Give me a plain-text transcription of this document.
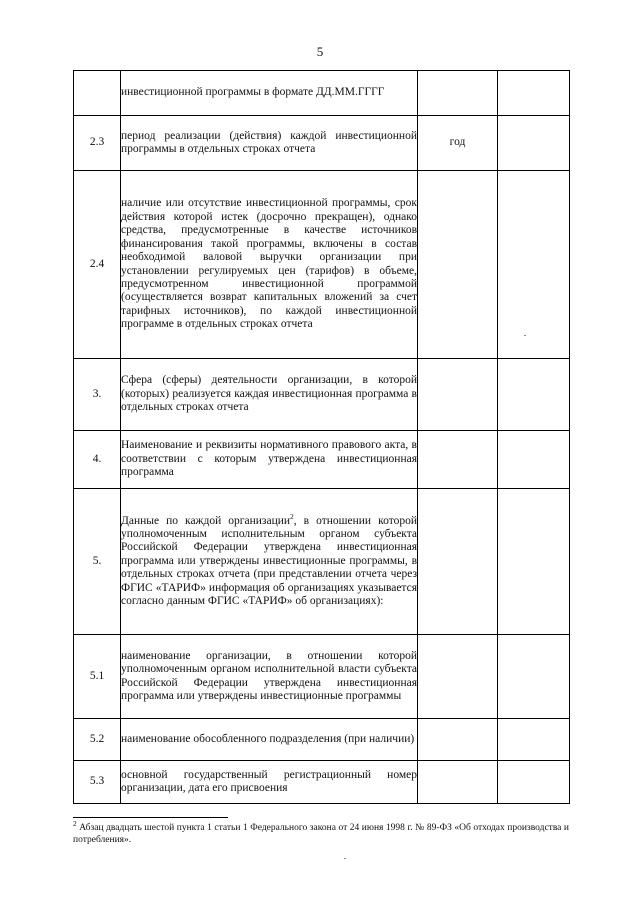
5
	инвестиционной программы в формате ДД.ММ.ГГГГ		
2.3	период реализации (действия) каждой инвестиционной программы в отдельных строках отчета	год	
2.4	наличие или отсутствие инвестиционной программы, срок действия которой истек (досрочно прекращен), однако средства, предусмотренные в качестве источников финансирования такой программы, включены в состав необходимой валовой выручки организации при установлении регулируемых цен (тарифов) в объеме, предусмотренном инвестиционной программой (осуществляется возврат капитальных вложений за счет тарифных источников), по каждой инвестиционной программе в отдельных строках отчета		
3.	Сфера (сферы) деятельности организации, в которой (которых) реализуется каждая инвестиционная программа в отдельных строках отчета		
4.	Наименование и реквизиты нормативного правового акта, в соответствии с которым утверждена инвестиционная программа		
5.	Данные по каждой организации$^2$, в отношении которой уполномоченным исполнительным органом субъекта Российской Федерации утверждена инвестиционная программа или утверждены инвестиционные программы, в отдельных строках отчета (при представлении отчета через ФГИС «ТАРИФ» информация об организациях указывается согласно данным ФГИС «ТАРИФ» об организациях):		
5.1	наименование организации, в отношении которой уполномоченным органом исполнительной власти субъекта Российской Федерации утверждена инвестиционная программа или утверждены инвестиционные программы		
5.2	наименование обособленного подразделения (при наличии)		
5.3	основной государственный регистрационный номер организации, дата его присвоения		
$^2$ Абзац двадцать шестой пункта 1 статьи 1 Федерального закона от 24 июня 1998 г. № 89-ФЗ «Об отходах производства и потребления».
